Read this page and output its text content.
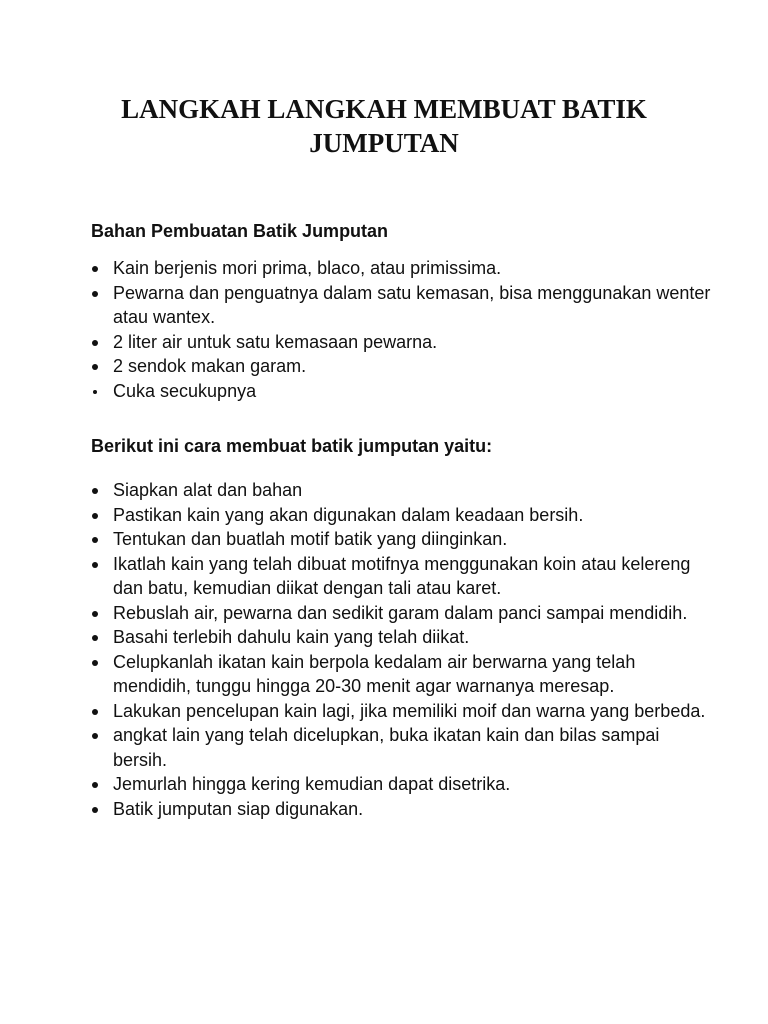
LANGKAH LANGKAH MEMBUAT BATIK
JUMPUTAN
Bahan Pembuatan Batik Jumputan
Kain berjenis mori prima, blaco, atau primissima.
Pewarna dan penguatnya dalam satu kemasan, bisa menggunakan wenter atau wantex.
2 liter air untuk satu kemasaan pewarna.
2 sendok makan garam.
Cuka secukupnya
Berikut ini cara membuat batik jumputan yaitu:
Siapkan alat dan bahan
Pastikan kain yang akan digunakan dalam keadaan bersih.
Tentukan dan buatlah motif batik yang diinginkan.
Ikatlah kain yang telah dibuat motifnya menggunakan koin atau kelereng dan batu, kemudian diikat dengan tali atau karet.
Rebuslah air, pewarna dan sedikit garam dalam panci sampai mendidih.
Basahi terlebih dahulu kain yang telah diikat.
Celupkanlah ikatan kain berpola kedalam air berwarna yang telah mendidih, tunggu hingga 20-30 menit agar warnanya meresap.
Lakukan pencelupan kain lagi, jika memiliki moif dan warna yang berbeda.
angkat lain yang telah dicelupkan, buka ikatan kain dan bilas sampai bersih.
Jemurlah hingga kering kemudian dapat disetrika.
Batik jumputan siap digunakan.
